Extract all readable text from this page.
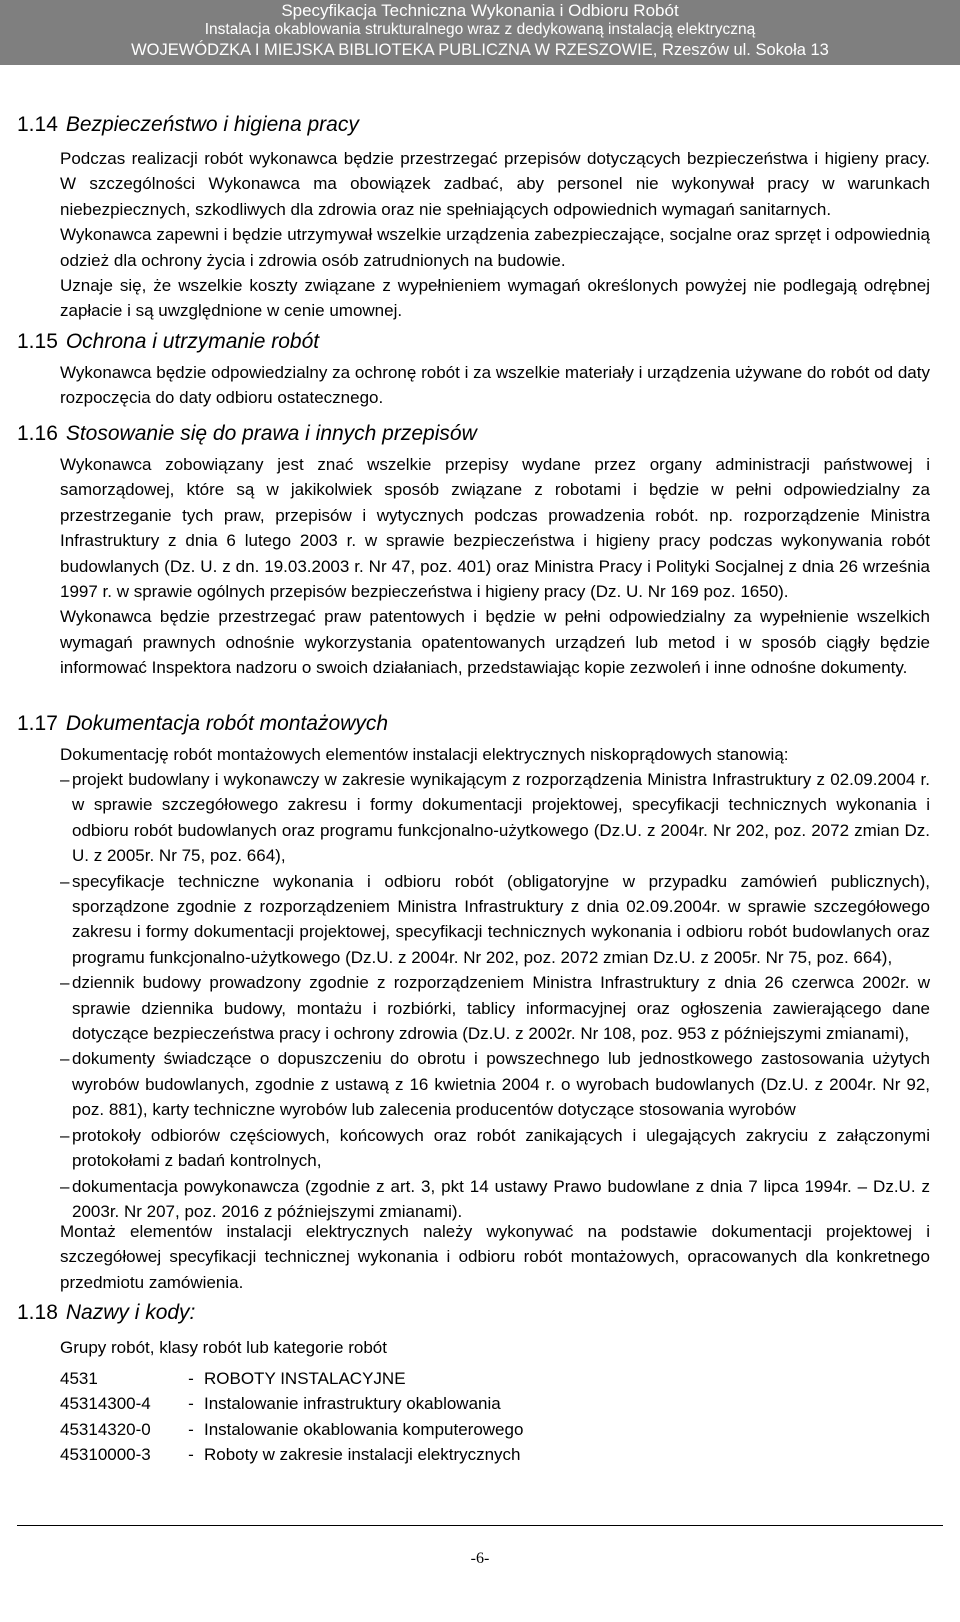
Specyfikacja Techniczna Wykonania i Odbioru Robót
Instalacja okablowania strukturalnego wraz z dedykowaną instalacją elektryczną
WOJEWÓDZKA I MIEJSKA BIBLIOTEKA PUBLICZNA W RZESZOWIE, Rzeszów ul. Sokoła 13
1.14 Bezpieczeństwo i higiena pracy

Podczas realizacji robót wykonawca będzie przestrzegać przepisów dotyczących bezpieczeństwa i higieny pracy. W szczególności Wykonawca ma obowiązek zadbać, aby personel nie wykonywał pracy w warunkach niebezpiecznych, szkodliwych dla zdrowia oraz nie spełniających odpowiednich wymagań sanitarnych.

Wykonawca zapewni i będzie utrzymywał wszelkie urządzenia zabezpieczające, socjalne oraz sprzęt i odpowiednią odzież dla ochrony życia i zdrowia osób zatrudnionych na budowie.

Uznaje się, że wszelkie koszty związane z wypełnieniem wymagań określonych powyżej nie podlegają odrębnej zapłacie i są uwzględnione w cenie umownej.

1.15 Ochrona i utrzymanie robót

Wykonawca będzie odpowiedzialny za ochronę robót i za wszelkie materiały i urządzenia używane do robót od daty rozpoczęcia do daty odbioru ostatecznego.

1.16 Stosowanie się do prawa i innych przepisów

Wykonawca zobowiązany jest znać wszelkie przepisy wydane przez organy administracji państwowej i samorządowej, które są w jakikolwiek sposób związane z robotami i będzie w pełni odpowiedzialny za przestrzeganie tych praw, przepisów i wytycznych podczas prowadzenia robót. np. rozporządzenie Ministra Infrastruktury z dnia 6 lutego 2003 r. w sprawie bezpieczeństwa i higieny pracy podczas wykonywania robót budowlanych (Dz. U. z dn. 19.03.2003 r. Nr 47, poz. 401) oraz Ministra Pracy i Polityki Socjalnej z dnia 26 września 1997 r. w sprawie ogólnych przepisów bezpieczeństwa i higieny pracy (Dz. U. Nr 169 poz. 1650).

Wykonawca będzie przestrzegać praw patentowych i będzie w pełni odpowiedzialny za wypełnienie wszelkich wymagań prawnych odnośnie wykorzystania opatentowanych urządzeń lub metod i w sposób ciągły będzie informować Inspektora nadzoru o swoich działaniach, przedstawiając kopie zezwoleń i inne odnośne dokumenty.

1.17 Dokumentacja robót montażowych

Dokumentację robót montażowych elementów instalacji elektrycznych niskoprądowych stanowią:

– projekt budowlany i wykonawczy w zakresie wynikającym z rozporządzenia Ministra Infrastruktury z 02.09.2004 r. w sprawie szczegółowego zakresu i formy dokumentacji projektowej, specyfikacji technicznych wykonania i odbioru robót budowlanych oraz programu funkcjonalno-użytkowego (Dz.U. z 2004r. Nr 202, poz. 2072 zmian Dz. U. z 2005r. Nr 75, poz. 664),
– specyfikacje techniczne wykonania i odbioru robót (obligatoryjne w przypadku zamówień publicznych), sporządzone zgodnie z rozporządzeniem Ministra Infrastruktury z dnia 02.09.2004r. w sprawie szczegółowego zakresu i formy dokumentacji projektowej, specyfikacji technicznych wykonania i odbioru robót budowlanych oraz programu funkcjonalno-użytkowego (Dz.U. z 2004r. Nr 202, poz. 2072 zmian Dz.U. z 2005r. Nr 75, poz. 664),
– dziennik budowy prowadzony zgodnie z rozporządzeniem Ministra Infrastruktury z dnia 26 czerwca 2002r. w sprawie dziennika budowy, montażu i rozbiórki, tablicy informacyjnej oraz ogłoszenia zawierającego dane dotyczące bezpieczeństwa pracy i ochrony zdrowia (Dz.U. z 2002r. Nr 108, poz. 953 z późniejszymi zmianami),
– dokumenty świadczące o dopuszczeniu do obrotu i powszechnego lub jednostkowego zastosowania użytych wyrobów budowlanych, zgodnie z ustawą z 16 kwietnia 2004 r. o wyrobach budowlanych (Dz.U. z 2004r. Nr 92, poz. 881), karty techniczne wyrobów lub zalecenia producentów dotyczące stosowania wyrobów
– protokoły odbiorów częściowych, końcowych oraz robót zanikających i ulegających zakryciu z załączonymi protokołami z badań kontrolnych,
– dokumentacja powykonawcza (zgodnie z art. 3, pkt 14 ustawy Prawo budowlane z dnia 7 lipca 1994r. – Dz.U. z 2003r. Nr 207, poz. 2016 z późniejszymi zmianami).

Montaż elementów instalacji elektrycznych należy wykonywać na podstawie dokumentacji projektowej i szczegółowej specyfikacji technicznej wykonania i odbioru robót montażowych, opracowanych dla konkretnego przedmiotu zamówienia.

1.18 Nazwy i kody:

Grupy robót, klasy robót lub kategorie robót

4531	- ROBOTY INSTALACYJNE
45314300-4	- Instalowanie infrastruktury okablowania
45314320-0	- Instalowanie okablowania komputerowego
45310000-3	- Roboty w zakresie instalacji elektrycznych
-6-
